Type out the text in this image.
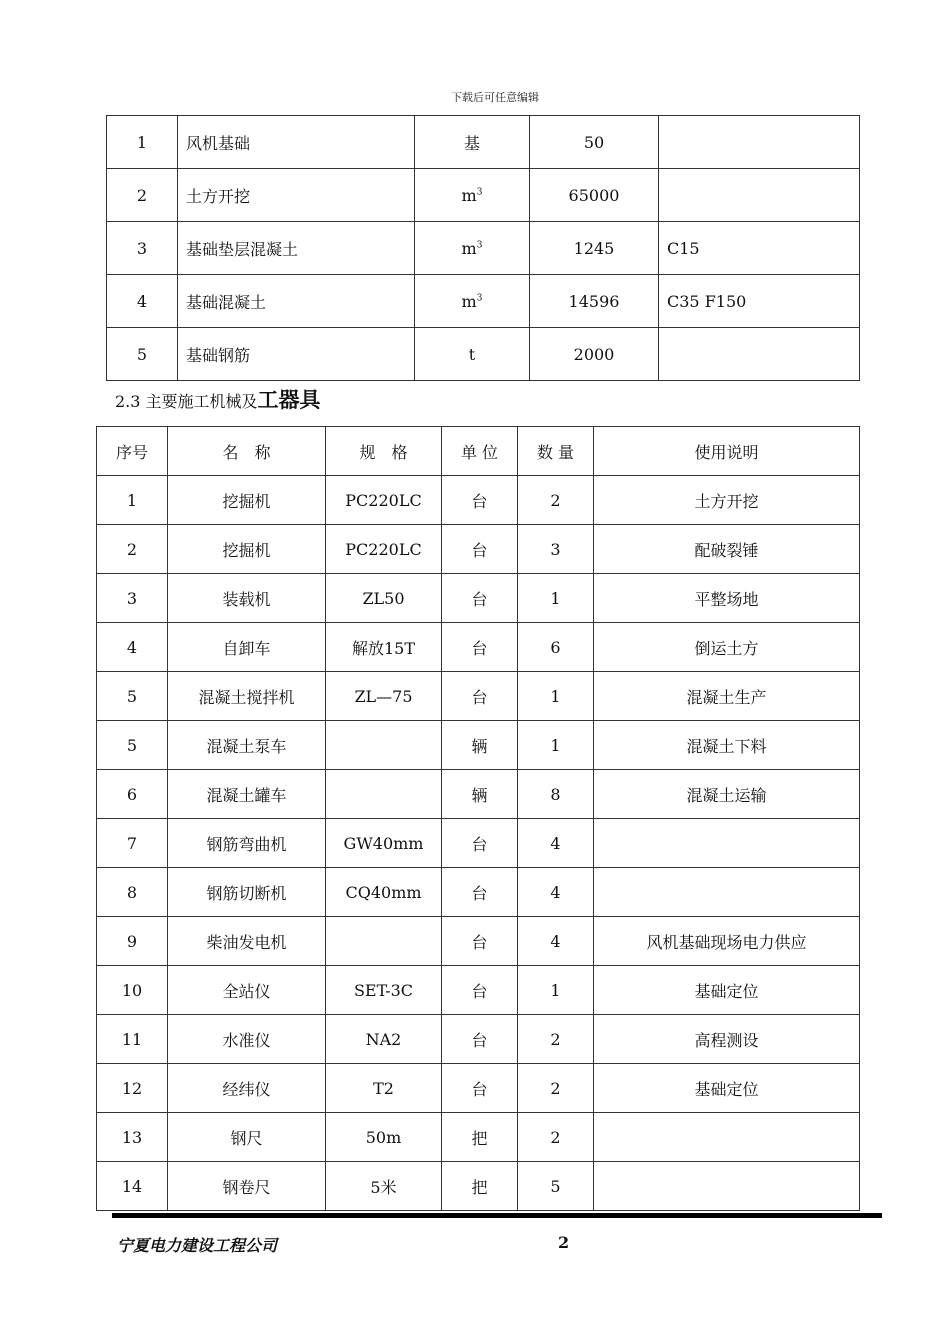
下载后可任意编辑
1	风机基础	基	50	
2	土方开挖	$m^3$	65000	
3	基础垫层混凝土	$m^3$	1245	C15
4	基础混凝土	$m^3$	14596	C35 F150
5	基础钢筋	t	2000	
2.3 主要施工机械及工器具
序号	名　称	规　格	单 位	数 量	使用说明
1	挖掘机	PC220LC	台	2	土方开挖
2	挖掘机	PC220LC	台	3	配破裂锤
3	装载机	ZL50	台	1	平整场地
4	自卸车	解放15T	台	6	倒运土方
5	混凝土搅拌机	ZL—75	台	1	混凝土生产
5	混凝土泵车		辆	1	混凝土下料
6	混凝土罐车		辆	8	混凝土运输
7	钢筋弯曲机	GW40mm	台	4	
8	钢筋切断机	CQ40mm	台	4	
9	柴油发电机		台	4	风机基础现场电力供应
10	全站仪	SET-3C	台	1	基础定位
11	水准仪	NA2	台	2	高程测设
12	经纬仪	T2	台	2	基础定位
13	钢尺	50m	把	2	
14	钢卷尺	5米	把	5	
宁夏电力建设工程公司	2
